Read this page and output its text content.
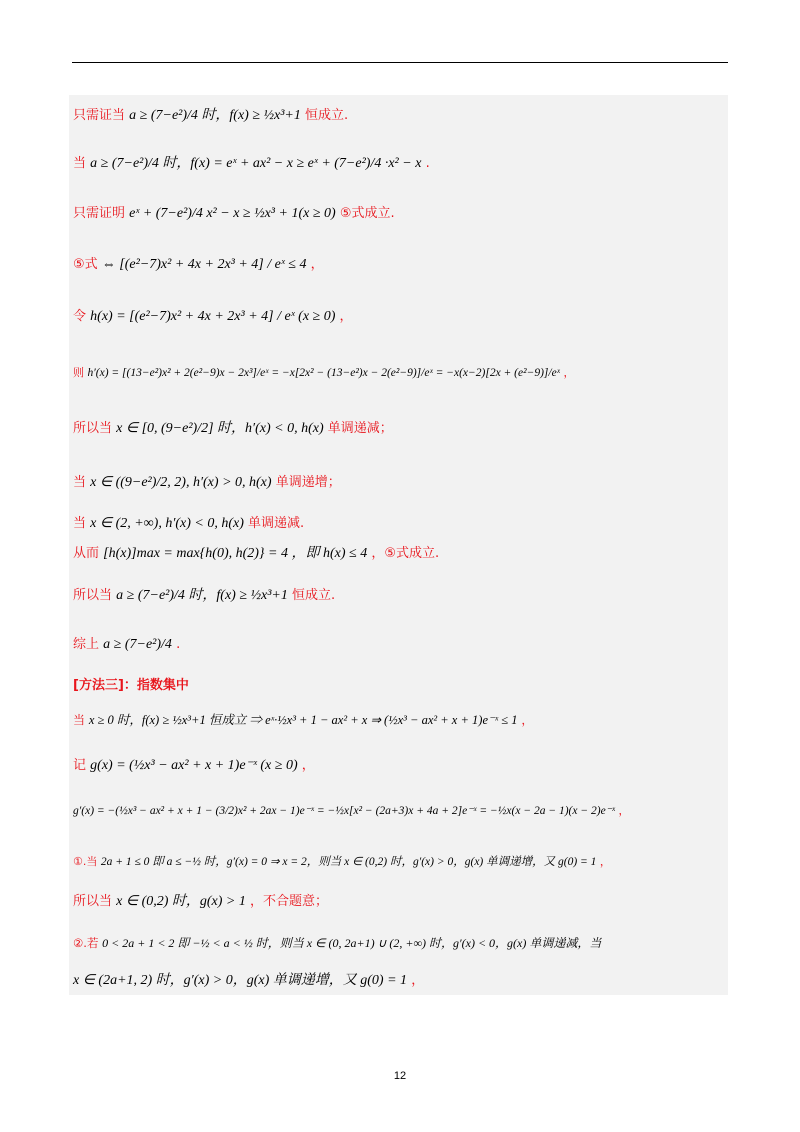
只需证当 a ≥ (7−e²)/4 时，f(x) ≥ ½x³+1 恒成立.
当 a ≥ (7−e²)/4 时，f(x) = eˣ + ax² − x ≥ eˣ + (7−e²)/4 ·x² − x .
只需证明 eˣ + (7−e²)/4 x² − x ≥ ½x³ + 1(x ≥ 0) ⑤式成立.
⑤式 ⇔ [(e²−7)x² + 4x + 2x³ + 4] / eˣ ≤ 4 ，
令 h(x) = [(e²−7)x² + 4x + 2x³ + 4] / eˣ (x ≥ 0) ，
则 h′(x) = [(13−e²)x² + 2(e²−9)x − 2x³]/eˣ = −x[2x² − (13−e²)x − 2(e²−9)]/eˣ = −x(x−2)[2x + (e²−9)]/eˣ ，
所以当 x ∈ [0, (9−e²)/2] 时，h′(x) < 0, h(x) 单调递减；
当 x ∈ ((9−e²)/2, 2), h′(x) > 0, h(x) 单调递增；
当 x ∈ (2, +∞), h′(x) < 0, h(x) 单调递减.
从而 [h(x)]max = max{h(0), h(2)} = 4 ，即 h(x) ≤ 4 ，⑤式成立.
所以当 a ≥ (7−e²)/4 时，f(x) ≥ ½x³+1 恒成立.
综上 a ≥ (7−e²)/4 .
[方法三]：指数集中
当 x ≥ 0 时，f(x) ≥ ½x³+1 恒成立 ⇒ eˣ·½x³ + 1 − ax² + x ⇒ (½x³ − ax² + x + 1)e⁻ˣ ≤ 1 ，
记 g(x) = (½x³ − ax² + x + 1)e⁻ˣ (x ≥ 0) ，
g′(x) = −(½x³ − ax² + x + 1 − (3/2)x² + 2ax − 1)e⁻ˣ = −½x[x² − (2a+3)x + 4a + 2]e⁻ˣ = −½x(x − 2a − 1)(x − 2)e⁻ˣ ，
①.当 2a + 1 ≤ 0 即 a ≤ −½ 时，g′(x) = 0 ⇒ x = 2，则当 x ∈ (0,2) 时，g′(x) > 0，g(x) 单调递增，又 g(0) = 1 ，
所以当 x ∈ (0,2) 时，g(x) > 1 ，不合题意；
②.若 0 < 2a + 1 < 2 即 −½ < a < ½ 时，则当 x ∈ (0, 2a+1) ∪ (2, +∞) 时，g′(x) < 0，g(x) 单调递减，当
x ∈ (2a+1, 2) 时，g′(x) > 0，g(x) 单调递增，又 g(0) = 1 ，
12
